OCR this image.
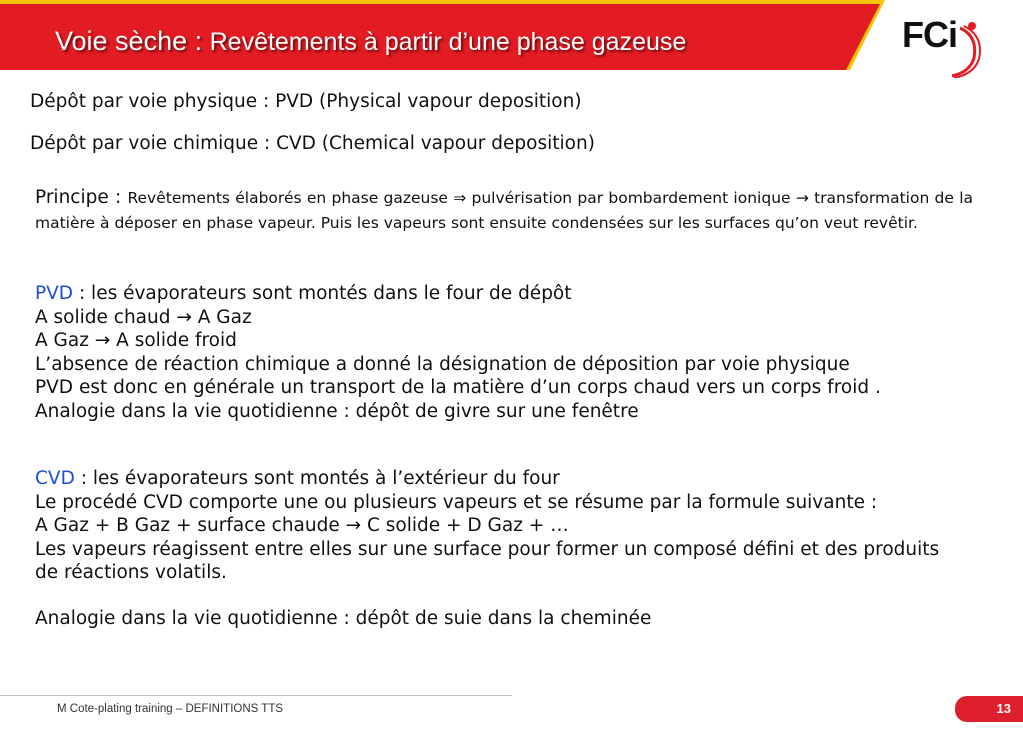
Voie sèche : Revêtements à partir d’une phase gazeuse	FCi
Dépôt par voie physique : PVD (Physical vapour deposition)
Dépôt par voie chimique : CVD (Chemical vapour deposition)
Principe : Revêtements élaborés en phase gazeuse ⇒ pulvérisation par bombardement ionique → transformation de la matière à déposer en phase vapeur. Puis les vapeurs sont ensuite condensées sur les surfaces qu’on veut revêtir.
PVD : les évaporateurs sont montés dans le four de dépôt
A solide chaud → A Gaz
A Gaz → A solide froid
L’absence de réaction chimique a donné la désignation de déposition par voie physique
PVD est donc en générale un transport de la matière d’un corps chaud vers un corps froid .
Analogie dans la vie quotidienne : dépôt de givre sur une fenêtre
CVD : les évaporateurs sont montés à l’extérieur du four
Le procédé CVD comporte une ou plusieurs vapeurs et se résume par la formule suivante :
A Gaz + B Gaz + surface chaude → C solide + D Gaz + …
Les vapeurs réagissent entre elles sur une surface pour former un composé défini et des produits de réactions volatils.
Analogie dans la vie quotidienne : dépôt de suie dans la cheminée
M Cote-plating training – DEFINITIONS TTS	13
